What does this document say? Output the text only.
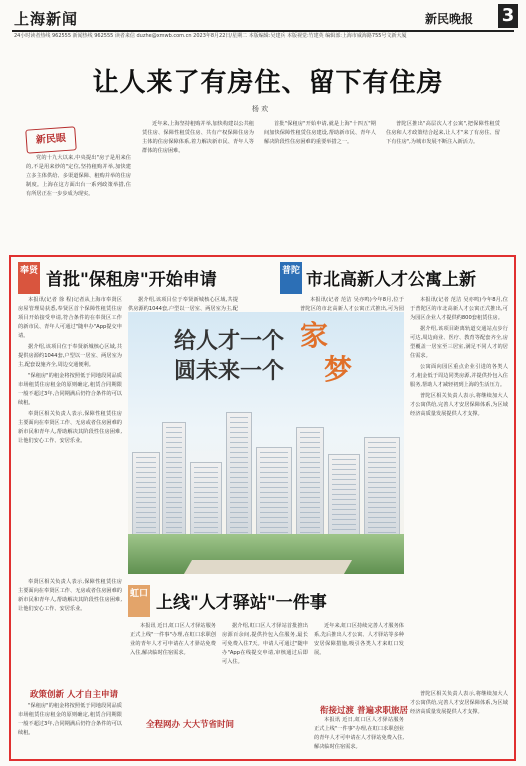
上海新闻	新民晚报 3
24小时读者热线 962555 新闻热线 962555 读者来信 duzhe@xmwb.com.cn 2023年8月22日/星期二 本版编辑:吴建兵 本版视觉:竹建英 编辑部:上海市威海路755号文新大厦
让人来了有房住、留下有住房
杨 欢
新民眼

党的十九大以来,中央提出"房子是用来住的,不是用来炒的"定位,坚持租购并举,加快建立多主体供给、多渠道保障、租购并举的住房制度。上海在这方面出台一系列政策举措,住有所居正在一步步成为现实。

近年来,上海坚持租购并举,加快构建以公共租赁住房、保障性租赁住房、共有产权保障住房为主体的住房保障体系,着力解决新市民、青年人等群体的住房困难。

首批"保租房"开始申请,就是上海"十四五"期间加快保障性租赁住房建设,帮助新市民、青年人解决阶段性住房困难的重要举措之一。

普陀区推出"高层次人才公寓",把保障性租赁住房和人才政策结合起来,让人才"来了有房住、留下有住房",为城市发展不断注入新活力。

奉贤 首批"保租房"开始申请

本报讯(记者 徐 程)记者从上海市奉贤区房屋管理局获悉,奉贤区首个保障性租赁住房项目开始接受申请,符合条件的在奉贤区工作的新市民、青年人可通过"随申办"App提交申请。

据介绍,该项目位于奉贤新城核心区域,共提供房源约1044套,户型以一居室、两居室为主,配套设施齐全,周边交通便利。

"保租房"的租金将按照低于同地段同品质市场租赁住房租金的原则确定,租赁合同期限一般不超过3年,合同期满后仍符合条件的可以续租。

奉贤区相关负责人表示,保障性租赁住房主要面向在奉贤区工作、无房或者住房困难的新市民和青年人,帮助解决其阶段性住房困难,让他们安心工作、安居乐业。

据介绍,该项目位于奉贤新城核心区域,共提供房源约1044套,户型以一居室、两居室为主,配

普陀 市北高新人才公寓上新

本报讯(记者 范洁 吴亦鸣)今年8月,位于普陀区的市北高新人才公寓正式推出,可为园区企业人才提供约800套租赁住房。

据介绍,该项目距离轨道交通站点步行可达,周边商业、医疗、教育等配套齐全,房型覆盖一居室至三居室,满足不同人才的居住需求。

公寓面向园区重点企业引进的各类人才,租金低于周边同类房源,并提供拎包入住服务,帮助人才减轻初到上海的生活压力。

普陀区相关负责人表示,将继续加大人才公寓供给,完善人才安居保障体系,为区域经济高质量发展提供人才支撑。

本报讯(记者 范洁 吴亦鸣)今年8月,位于普陀区的市北高新人才公寓正式推出,可为园

给人才一个
圆未来一个
家
梦

奉贤区相关负责人表示,保障性租赁住房主要面向在奉贤区工作、无房或者住房困难的新市民和青年人,帮助解决其阶段性住房困难,让他们安心工作、安居乐业。

政策创新 人才自主申请

"保租房"的租金将按照低于同地段同品质市场租赁住房租金的原则确定,租赁合同期限一般不超过3年,合同期满后仍符合条件的可以续租。

虹口 上线"人才驿站"一件事

本报讯 近日,虹口区人才驿站服务正式上线"一件事"办理,在虹口求职创业的青年人才可申请在人才驿站免费入住,解决临时住宿需求。

全程网办 大大节省时间

据介绍,虹口区人才驿站首批推出房源百余间,提供拎包入住服务,最长可免费入住7天。申请人可通过"随申办"App在线提交申请,审核通过后即可入住。

近年来,虹口区持续完善人才服务体系,先后推出人才公寓、人才驿站等多种安居保障措施,吸引各类人才来虹口发展。

衔接过渡 普遍求职旅居

本报讯 近日,虹口区人才驿站服务正式上线"一件事"办理,在虹口求职创业的青年人才可申请在人才驿站免费入住,解决临时住宿需求。

普陀区相关负责人表示,将继续加大人才公寓供给,完善人才安居保障体系,为区域经济高质量发展提供人才支撑。
